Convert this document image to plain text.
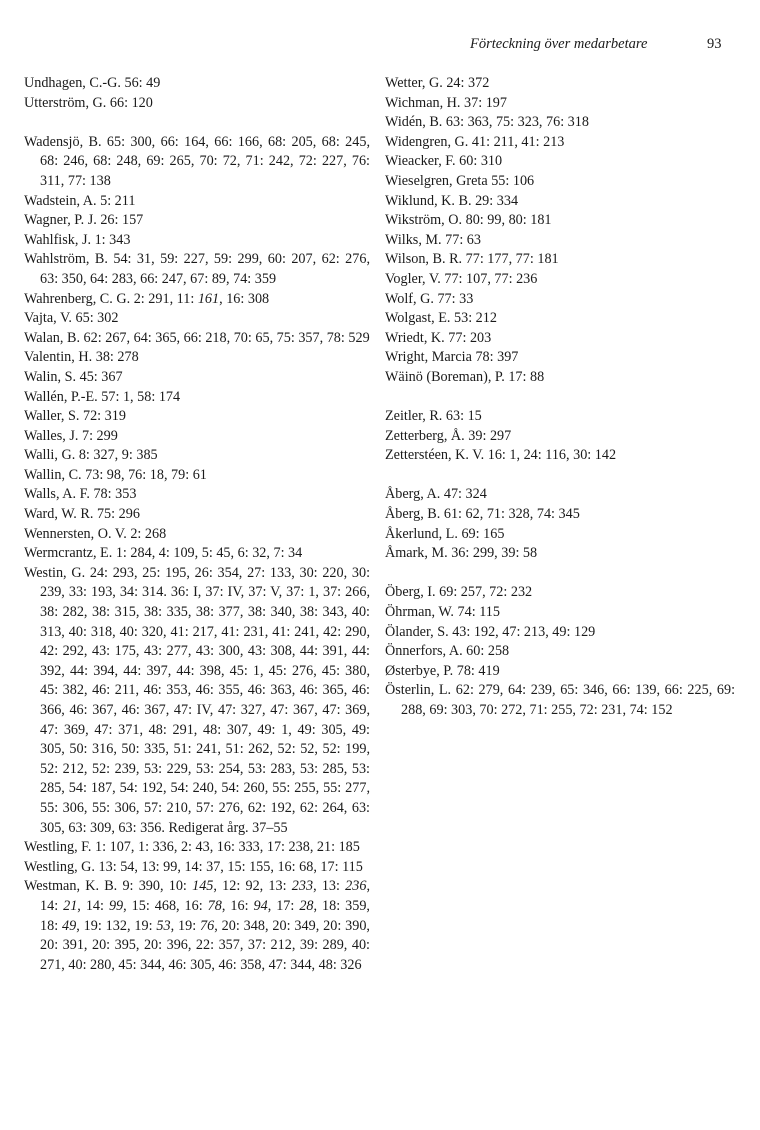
Förteckning över medarbetare	93
Undhagen, C.-G. 56: 49
Utterström, G. 66: 120
Wadensjö, B. 65: 300, 66: 164, 66: 166, 68: 205, 68: 245, 68: 246, 68: 248, 69: 265, 70: 72, 71: 242, 72: 227, 76: 311, 77: 138
Wadstein, A. 5: 211
Wagner, P. J. 26: 157
Wahlfisk, J. 1: 343
Wahlström, B. 54: 31, 59: 227, 59: 299, 60: 207, 62: 276, 63: 350, 64: 283, 66: 247, 67: 89, 74: 359
Wahrenberg, C. G. 2: 291, 11: 161, 16: 308
Vajta, V. 65: 302
Walan, B. 62: 267, 64: 365, 66: 218, 70: 65, 75: 357, 78: 529
Valentin, H. 38: 278
Walin, S. 45: 367
Wallén, P.-E. 57: 1, 58: 174
Waller, S. 72: 319
Walles, J. 7: 299
Walli, G. 8: 327, 9: 385
Wallin, C. 73: 98, 76: 18, 79: 61
Walls, A. F. 78: 353
Ward, W. R. 75: 296
Wennersten, O. V. 2: 268
Wermcrantz, E. 1: 284, 4: 109, 5: 45, 6: 32, 7: 34
Westin, G. 24: 293, 25: 195, 26: 354, 27: 133, 30: 220, 30: 239, 33: 193, 34: 314. 36: I, 37: IV, 37: V, 37: 1, 37: 266, 38: 282, 38: 315, 38: 335, 38: 377, 38: 340, 38: 343, 40: 313, 40: 318, 40: 320, 41: 217, 41: 231, 41: 241, 42: 290, 42: 292, 43: 175, 43: 277, 43: 300, 43: 308, 44: 391, 44: 392, 44: 394, 44: 397, 44: 398, 45: 1, 45: 276, 45: 380, 45: 382, 46: 211, 46: 353, 46: 355, 46: 363, 46: 365, 46: 366, 46: 367, 46: 367, 47: IV, 47: 327, 47: 367, 47: 369, 47: 369, 47: 371, 48: 291, 48: 307, 49: 1, 49: 305, 49: 305, 50: 316, 50: 335, 51: 241, 51: 262, 52: 52, 52: 199, 52: 212, 52: 239, 53: 229, 53: 254, 53: 283, 53: 285, 53: 285, 54: 187, 54: 192, 54: 240, 54: 260, 55: 255, 55: 277, 55: 306, 55: 306, 57: 210, 57: 276, 62: 192, 62: 264, 63: 305, 63: 309, 63: 356. Redigerat årg. 37–55
Westling, F. 1: 107, 1: 336, 2: 43, 16: 333, 17: 238, 21: 185
Westling, G. 13: 54, 13: 99, 14: 37, 15: 155, 16: 68, 17: 115
Westman, K. B. 9: 390, 10: 145, 12: 92, 13: 233, 13: 236, 14: 21, 14: 99, 15: 468, 16: 78, 16: 94, 17: 28, 18: 359, 18: 49, 19: 132, 19: 53, 19: 76, 20: 348, 20: 349, 20: 390, 20: 391, 20: 395, 20: 396, 22: 357, 37: 212, 39: 289, 40: 271, 40: 280, 45: 344, 46: 305, 46: 358, 47: 344, 48: 326
Wetter, G. 24: 372
Wichman, H. 37: 197
Widén, B. 63: 363, 75: 323, 76: 318
Widengren, G. 41: 211, 41: 213
Wieacker, F. 60: 310
Wieselgren, Greta 55: 106
Wiklund, K. B. 29: 334
Wikström, O. 80: 99, 80: 181
Wilks, M. 77: 63
Wilson, B. R. 77: 177, 77: 181
Vogler, V. 77: 107, 77: 236
Wolf, G. 77: 33
Wolgast, E. 53: 212
Wriedt, K. 77: 203
Wright, Marcia 78: 397
Wäinö (Boreman), P. 17: 88
Zeitler, R. 63: 15
Zetterberg, Å. 39: 297
Zetterstéen, K. V. 16: 1, 24: 116, 30: 142
Åberg, A. 47: 324
Åberg, B. 61: 62, 71: 328, 74: 345
Åkerlund, L. 69: 165
Åmark, M. 36: 299, 39: 58
Öberg, I. 69: 257, 72: 232
Öhrman, W. 74: 115
Ölander, S. 43: 192, 47: 213, 49: 129
Önnerfors, A. 60: 258
Østerbye, P. 78: 419
Österlin, L. 62: 279, 64: 239, 65: 346, 66: 139, 66: 225, 69: 288, 69: 303, 70: 272, 71: 255, 72: 231, 74: 152
